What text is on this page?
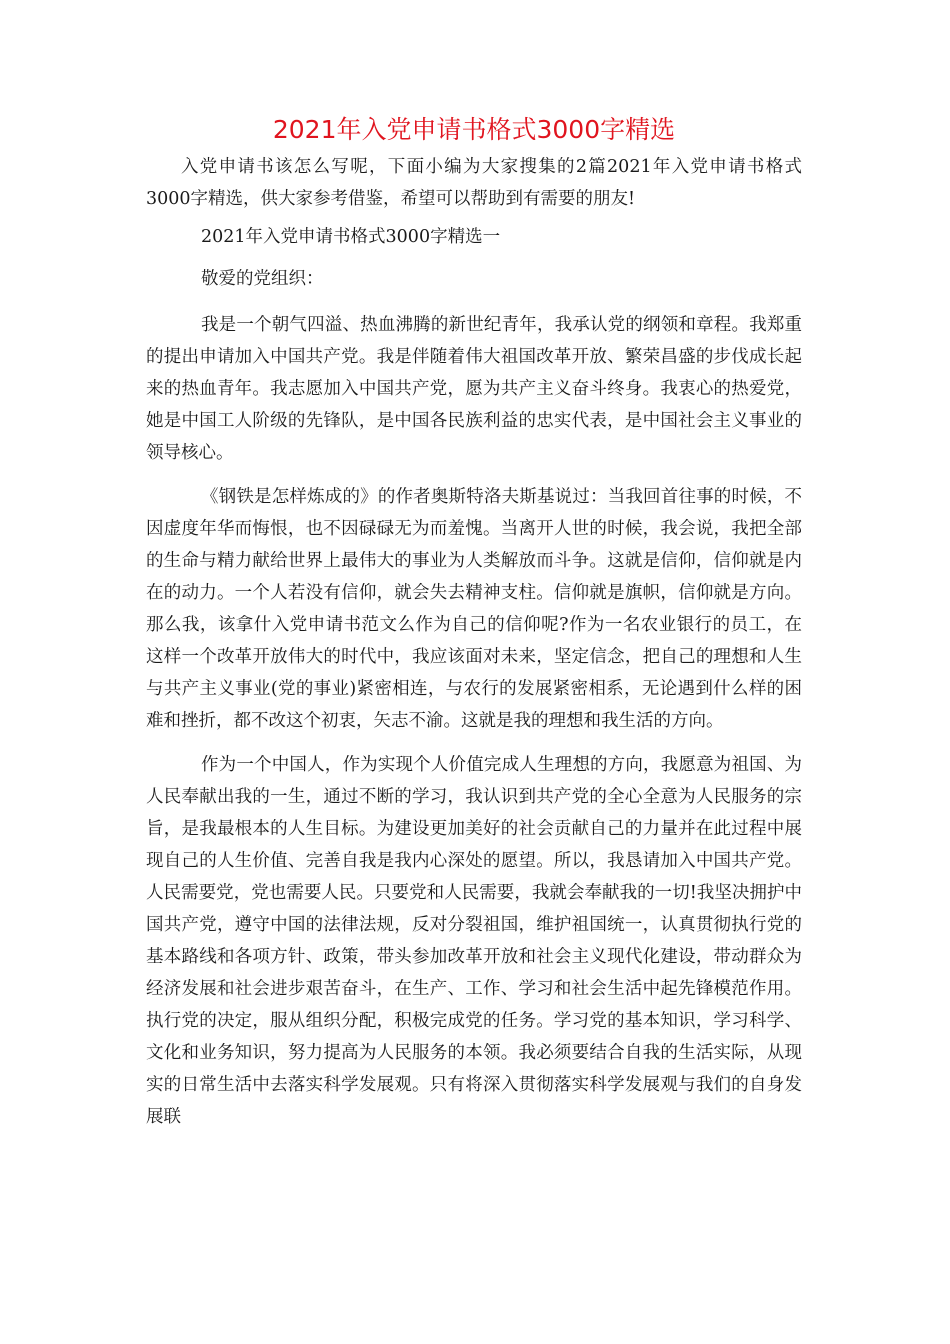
2021年入党申请书格式3000字精选

入党申请书该怎么写呢，下面小编为大家搜集的2篇2021年入党申请书格式3000字精选，供大家参考借鉴，希望可以帮助到有需要的朋友!

2021年入党申请书格式3000字精选一

敬爱的党组织：

我是一个朝气四溢、热血沸腾的新世纪青年，我承认党的纲领和章程。我郑重的提出申请加入中国共产党。我是伴随着伟大祖国改革开放、繁荣昌盛的步伐成长起来的热血青年。我志愿加入中国共产党，愿为共产主义奋斗终身。我衷心的热爱党，她是中国工人阶级的先锋队，是中国各民族利益的忠实代表，是中国社会主义事业的领导核心。

《钢铁是怎样炼成的》的作者奥斯特洛夫斯基说过：当我回首往事的时候，不因虚度年华而悔恨，也不因碌碌无为而羞愧。当离开人世的时候，我会说，我把全部的生命与精力献给世界上最伟大的事业为人类解放而斗争。这就是信仰，信仰就是内在的动力。一个人若没有信仰，就会失去精神支柱。信仰就是旗帜，信仰就是方向。那么我，该拿什入党申请书范文么作为自己的信仰呢?作为一名农业银行的员工，在这样一个改革开放伟大的时代中，我应该面对未来，坚定信念，把自己的理想和人生与共产主义事业(党的事业)紧密相连，与农行的发展紧密相系，无论遇到什么样的困难和挫折，都不改这个初衷，矢志不渝。这就是我的理想和我生活的方向。

作为一个中国人，作为实现个人价值完成人生理想的方向，我愿意为祖国、为人民奉献出我的一生，通过不断的学习，我认识到共产党的全心全意为人民服务的宗旨，是我最根本的人生目标。为建设更加美好的社会贡献自己的力量并在此过程中展现自己的人生价值、完善自我是我内心深处的愿望。所以，我恳请加入中国共产党。人民需要党，党也需要人民。只要党和人民需要，我就会奉献我的一切!我坚决拥护中国共产党，遵守中国的法律法规，反对分裂祖国，维护祖国统一，认真贯彻执行党的基本路线和各项方针、政策，带头参加改革开放和社会主义现代化建设，带动群众为经济发展和社会进步艰苦奋斗，在生产、工作、学习和社会生活中起先锋模范作用。执行党的决定，服从组织分配，积极完成党的任务。学习党的基本知识，学习科学、文化和业务知识，努力提高为人民服务的本领。我必须要结合自我的生活实际，从现实的日常生活中去落实科学发展观。只有将深入贯彻落实科学发展观与我们的自身发展联
